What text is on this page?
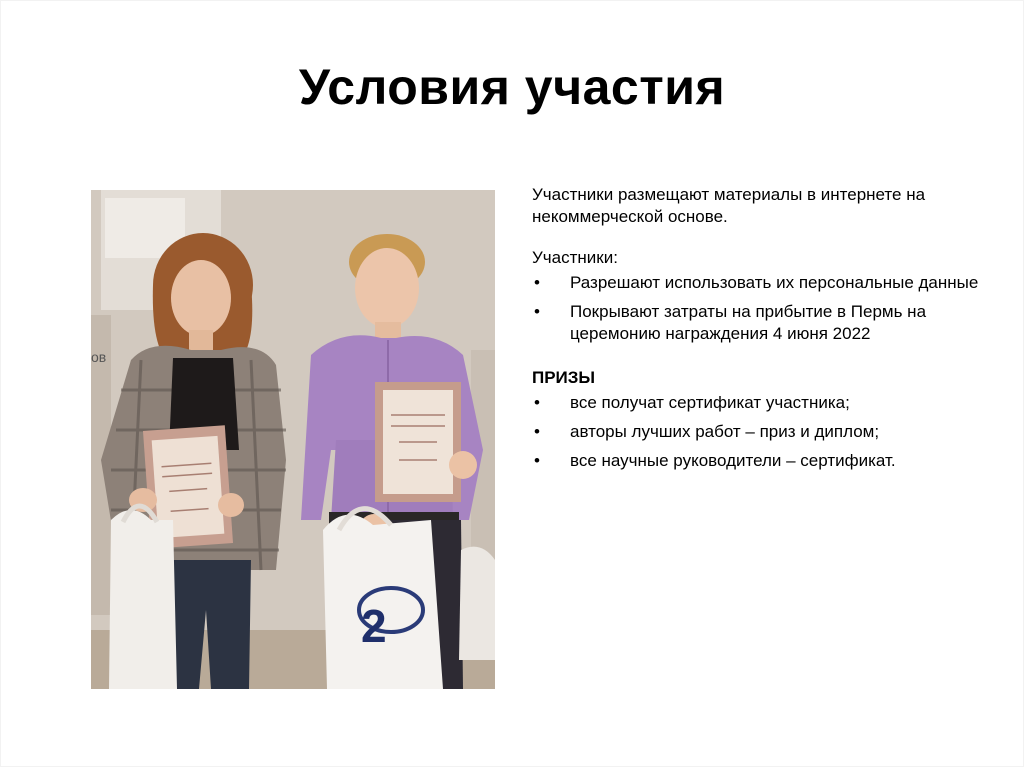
Условия участия
ов
2

Участники размещают материалы в интернете на некоммерческой основе.

Участники:

• Разрешают использовать их персональные данные
• Покрывают затраты на прибытие в Пермь на церемонию награждения 4 июня 2022

ПРИЗЫ

• все получат сертификат участника;
• авторы лучших работ – приз и диплом;
• все научные руководители – сертификат.
